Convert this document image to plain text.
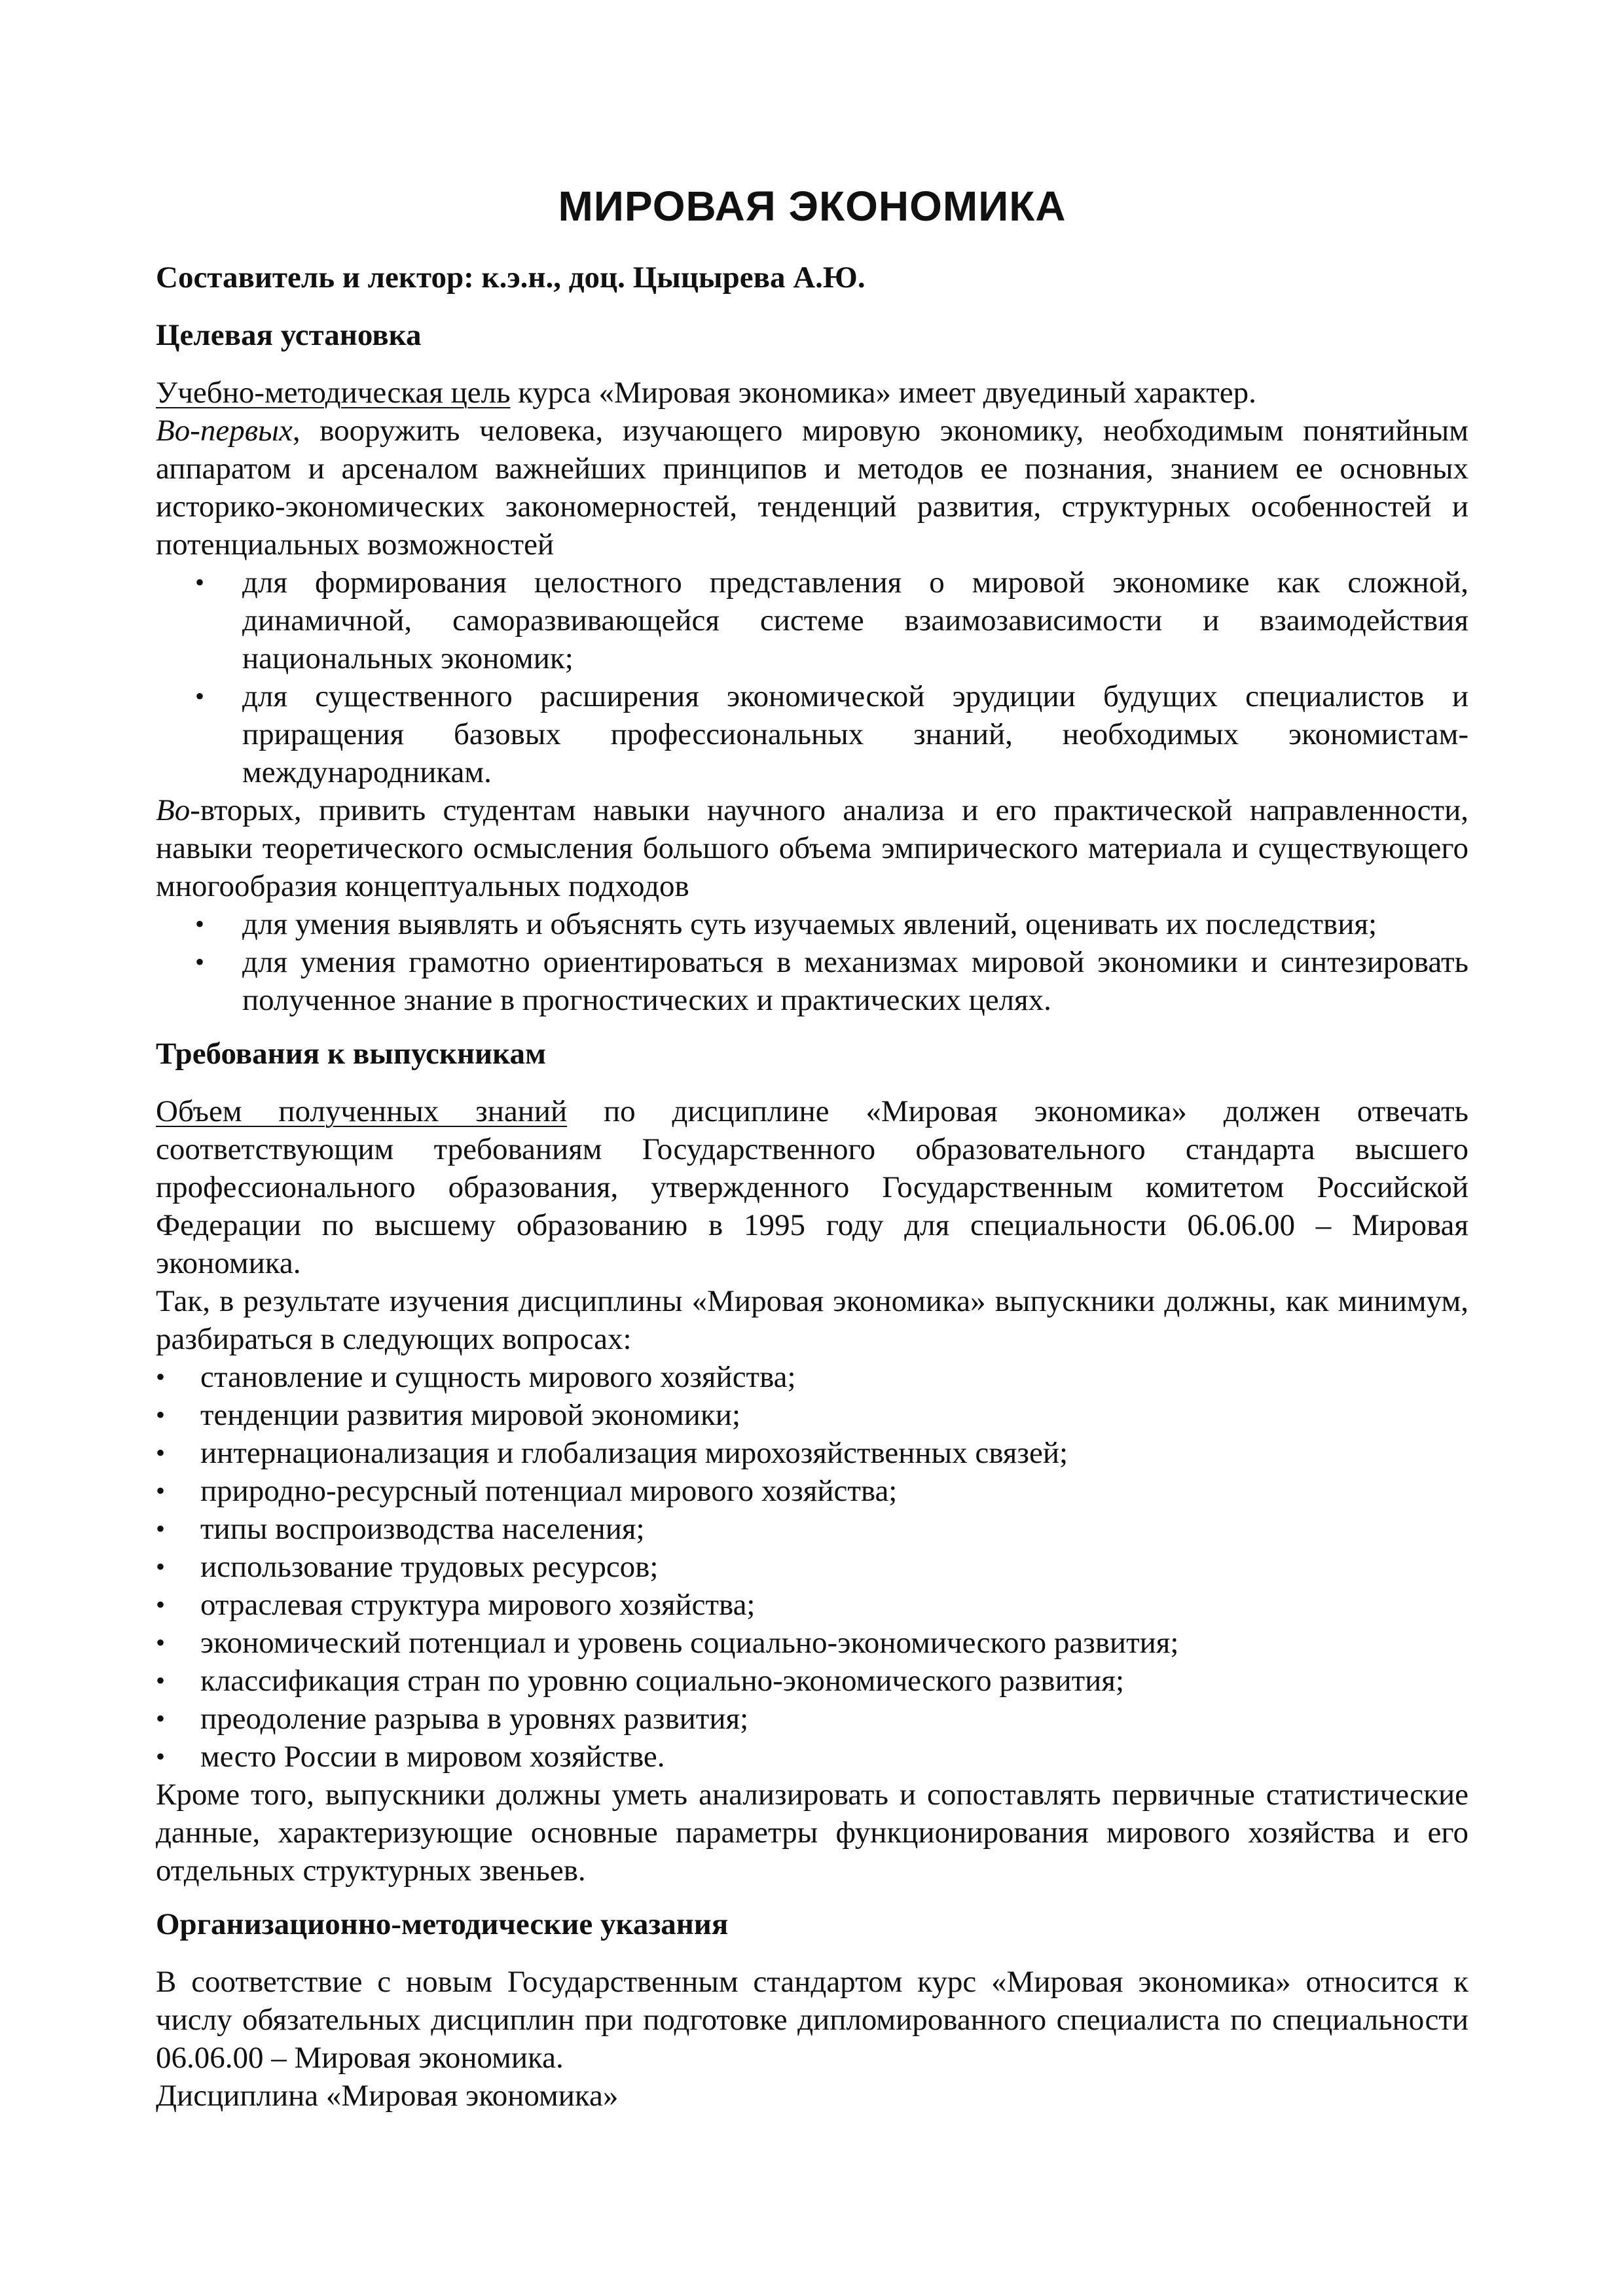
МИРОВАЯ ЭКОНОМИКА
Составитель и лектор: к.э.н., доц. Цыцырева А.Ю.
Целевая установка

Учебно-методическая цель курса «Мировая экономика» имеет двуединый характер.

Во-первых, вооружить человека, изучающего мировую экономику, необходимым понятийным аппаратом и арсеналом важнейших принципов и методов ее познания, знанием ее основных историко-экономических закономерностей, тенденций развития, структурных особенностей и потенциальных возможностей

• для формирования целостного представления о мировой экономике как сложной, динамичной, саморазвивающейся системе взаимозависимости и взаимодействия национальных экономик;
• для существенного расширения экономической эрудиции будущих специалистов и приращения базовых профессиональных знаний, необходимых экономистам-международникам.

Во-вторых, привить студентам навыки научного анализа и его практической направленности, навыки теоретического осмысления большого объема эмпирического материала и существующего многообразия концептуальных подходов

• для умения выявлять и объяснять суть изучаемых явлений, оценивать их последствия;
• для умения грамотно ориентироваться в механизмах мировой экономики и синтезировать полученное знание в прогностических и практических целях.
Требования к выпускникам

Объем полученных знаний по дисциплине «Мировая экономика» должен отвечать соответствующим требованиям Государственного образовательного стандарта высшего профессионального образования, утвержденного Государственным комитетом Российской Федерации по высшему образованию в 1995 году для специальности 06.06.00 – Мировая экономика.

Так, в результате изучения дисциплины «Мировая экономика» выпускники должны, как минимум, разбираться в следующих вопросах:

• становление и сущность мирового хозяйства;
• тенденции развития мировой экономики;
• интернационализация и глобализация мирохозяйственных связей;
• природно-ресурсный потенциал мирового хозяйства;
• типы воспроизводства населения;
• использование трудовых ресурсов;
• отраслевая структура мирового хозяйства;
• экономический потенциал и уровень социально-экономического развития;
• классификация стран по уровню социально-экономического развития;
• преодоление разрыва в уровнях развития;
• место России в мировом хозяйстве.

Кроме того, выпускники должны уметь анализировать и сопоставлять первичные статистические данные, характеризующие основные параметры функционирования мирового хозяйства и его отдельных структурных звеньев.

Организационно-методические указания

В соответствие с новым Государственным стандартом курс «Мировая экономика» относится к числу обязательных дисциплин при подготовке дипломированного специалиста по специальности 06.06.00 – Мировая экономика.

Дисциплина «Мировая экономика»
